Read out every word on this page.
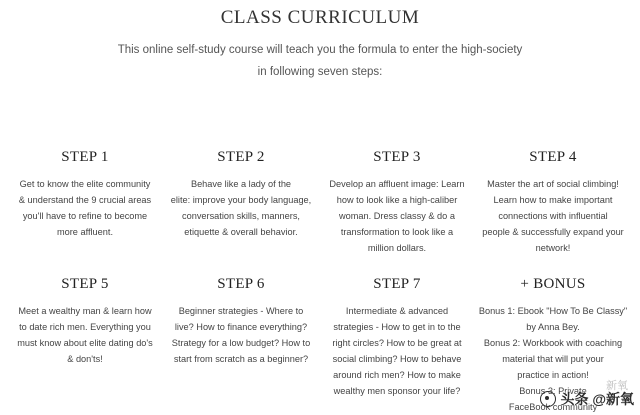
CLASS CURRICULUM
This online self-study course will teach you the formula to enter the high-society
in following seven steps:
STEP 1

Get to know the elite community
& understand the 9 crucial areas
you'll have to refine to become
more affluent.

STEP 2

Behave like a lady of the
elite: improve your body language,
conversation skills, manners,
etiquette & overall behavior.

STEP 3

Develop an affluent image: Learn
how to look like a high-caliber
woman. Dress classy & do a
transformation to look like a
million dollars.

STEP 4

Master the art of social climbing!
Learn how to make important
connections with influential
people & successfully expand your
network!

STEP 5

Meet a wealthy man & learn how
to date rich men. Everything you
must know about elite dating do's
& don'ts!

STEP 6

Beginner strategies - Where to
live? How to finance everything?
Strategy for a low budget? How to
start from scratch as a beginner?

STEP 7

Intermediate & advanced
strategies - How to get in to the
right circles? How to be great at
social climbing? How to behave
around rich men? How to make
wealthy men sponsor your life?

+ BONUS

Bonus 1: Ebook "How To Be Classy"
by Anna Bey.
Bonus 2: Workbook with coaching
material that will put your
practice in action!
Bonus 3: Private
FaceBook community

新氧
头条 @新氧
